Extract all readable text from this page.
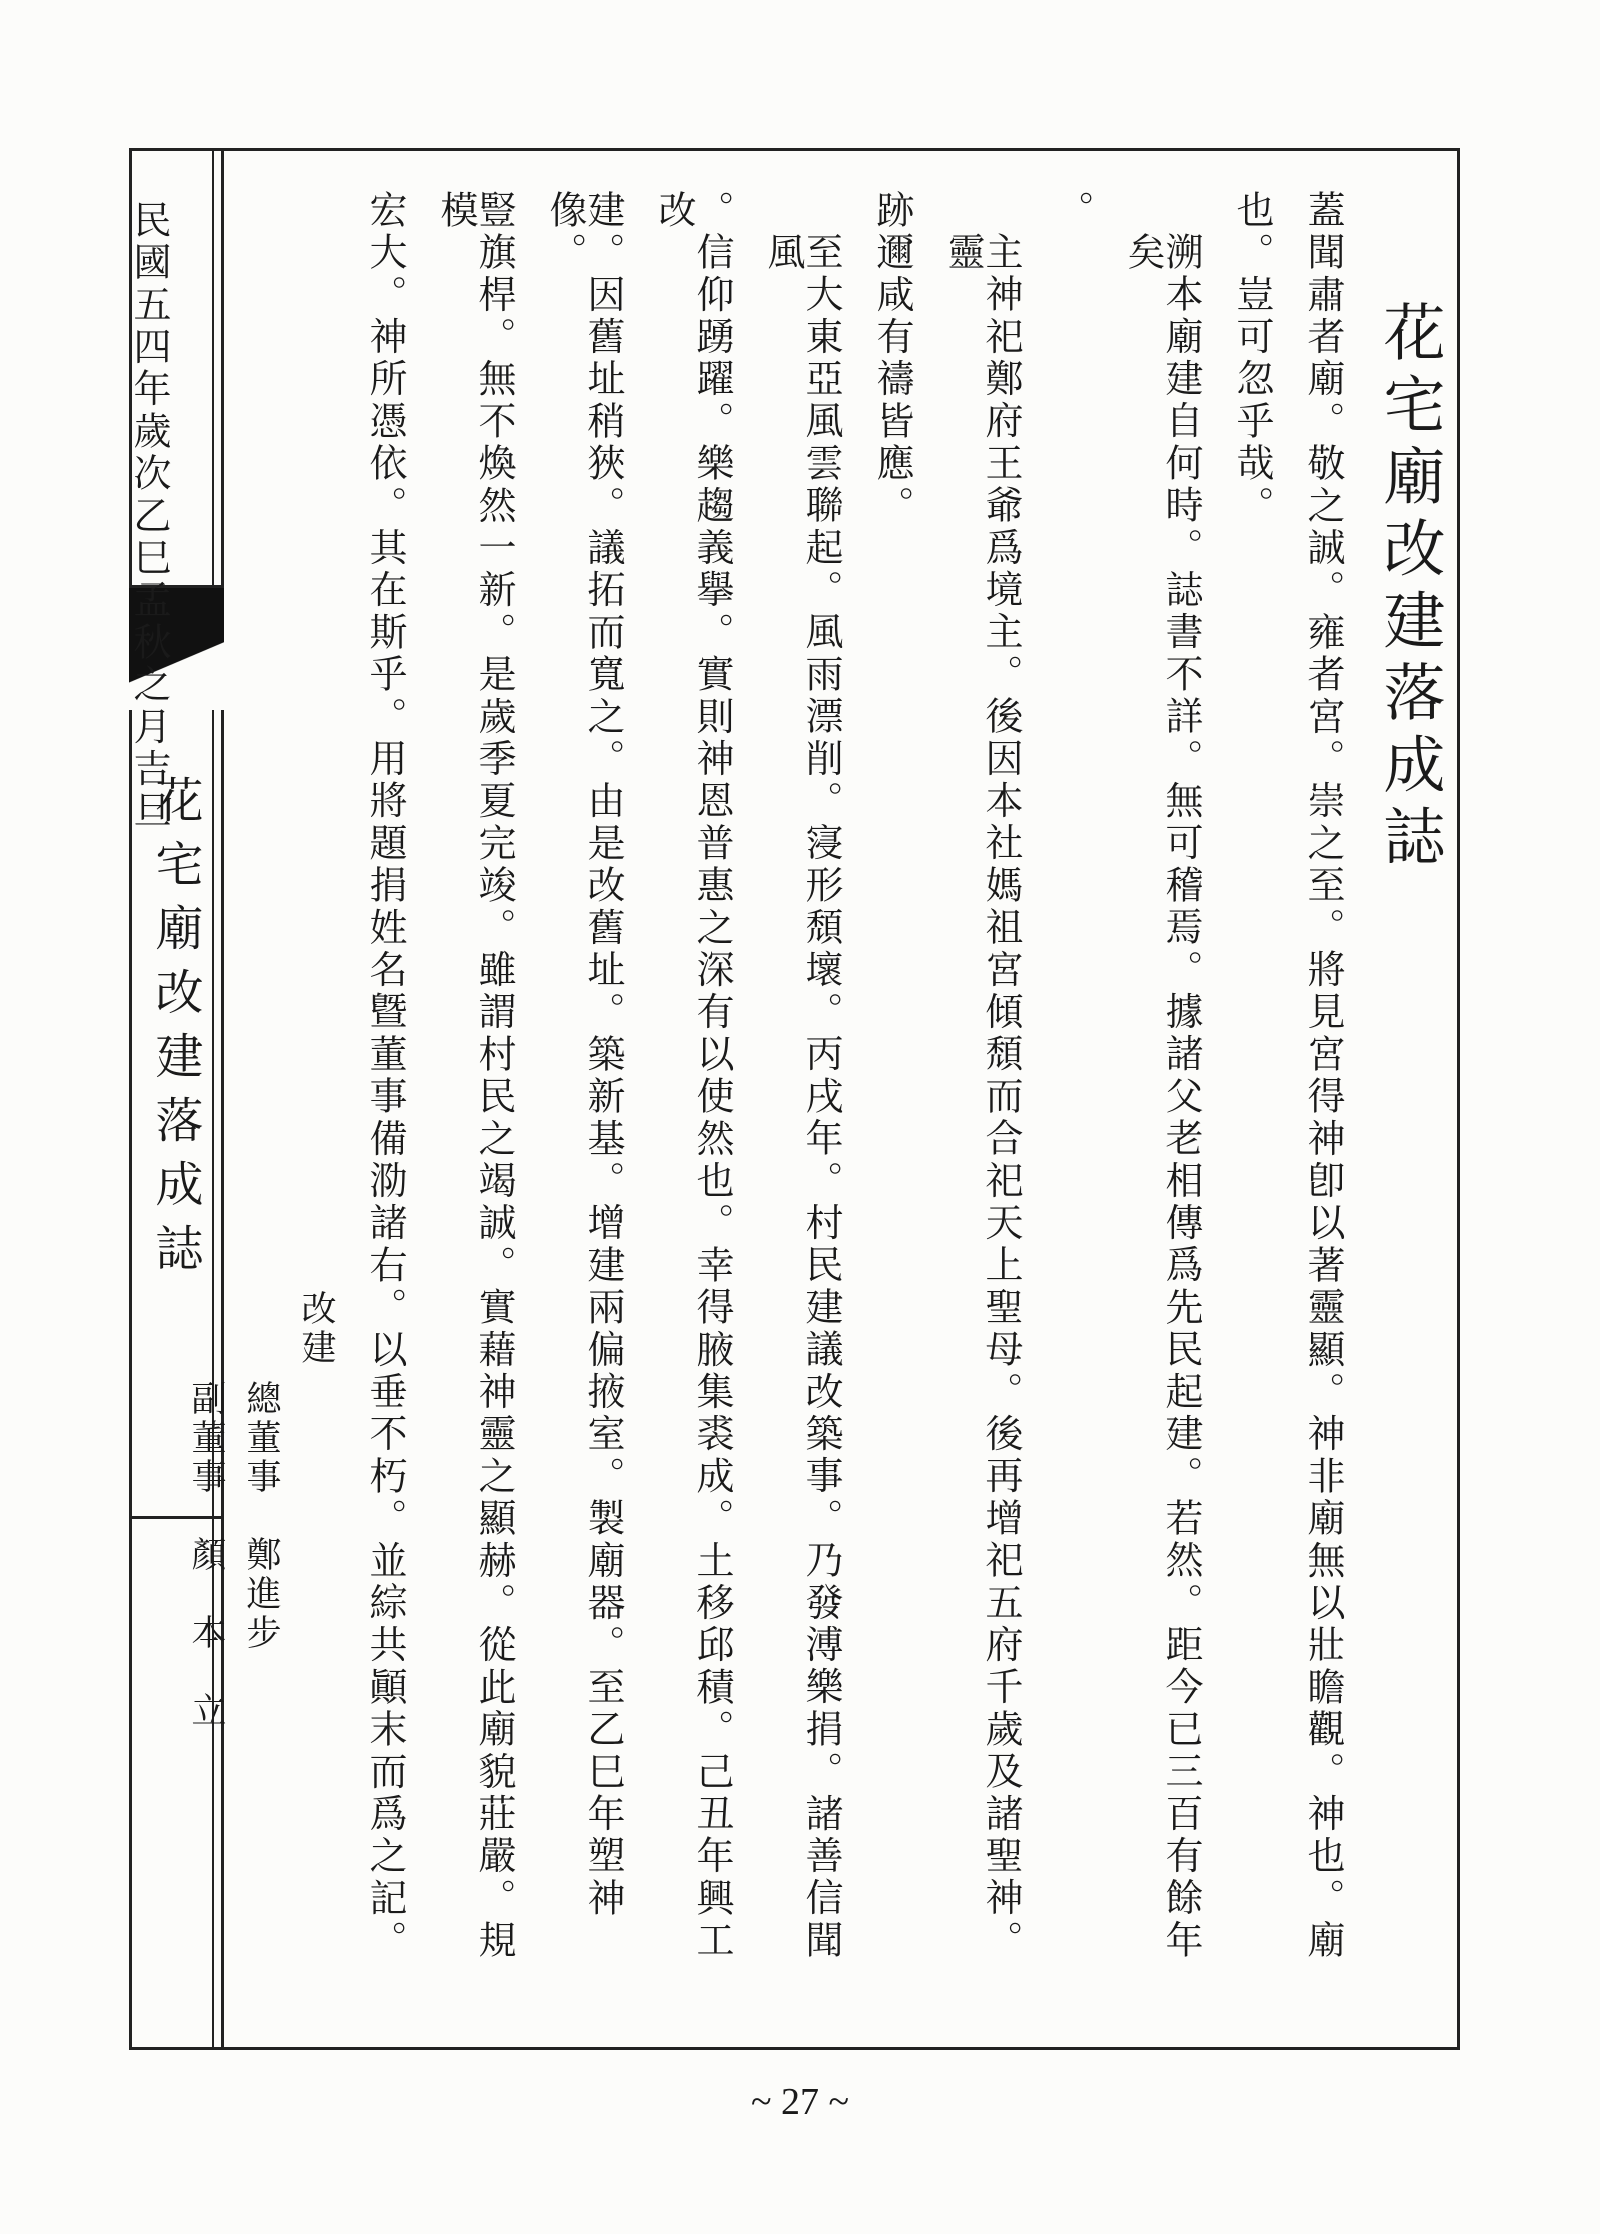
花宅廟改建落成誌
花宅廟改建落成誌
蓋聞肅者廟。敬之誠。雍者宮。崇之至。將見宮得神卽以著靈顯。神非廟無以壯瞻觀。神也。廟
也。豈可忽乎哉。
溯本廟建自何時。誌書不詳。無可稽焉。據諸父老相傳爲先民起建。若然。距今已三百有餘年矣
。
主神祀鄭府王爺爲境主。後因本社媽祖宮傾頹而合祀天上聖母。後再增祀五府千歲及諸聖神。靈
跡邇咸有禱皆應。
至大東亞風雲聯起。風雨漂削。寖形頹壞。丙戌年。村民建議改築事。乃發溥樂捐。諸善信聞風
。信仰踴躍。樂趨義擧。實則神恩普惠之深有以使然也。幸得腋集裘成。土移邱積。己丑年興工改
建。因舊址稍狹。議拓而寬之。由是改舊址。築新基。增建兩偏掖室。製廟器。至乙巳年塑神像。
豎旗桿。無不煥然一新。是歲季夏完竣。雖謂村民之竭誠。實藉神靈之顯赫。從此廟貌莊嚴。規模
宏大。神所憑依。其在斯乎。用將題捐姓名曁董事備泐諸右。以垂不朽。並綜共顚末而爲之記。
改建
總董事　鄭進步
副董事　顏　本　立
民國五四年歲次乙巳孟秋之月吉旦
~ 27 ~
